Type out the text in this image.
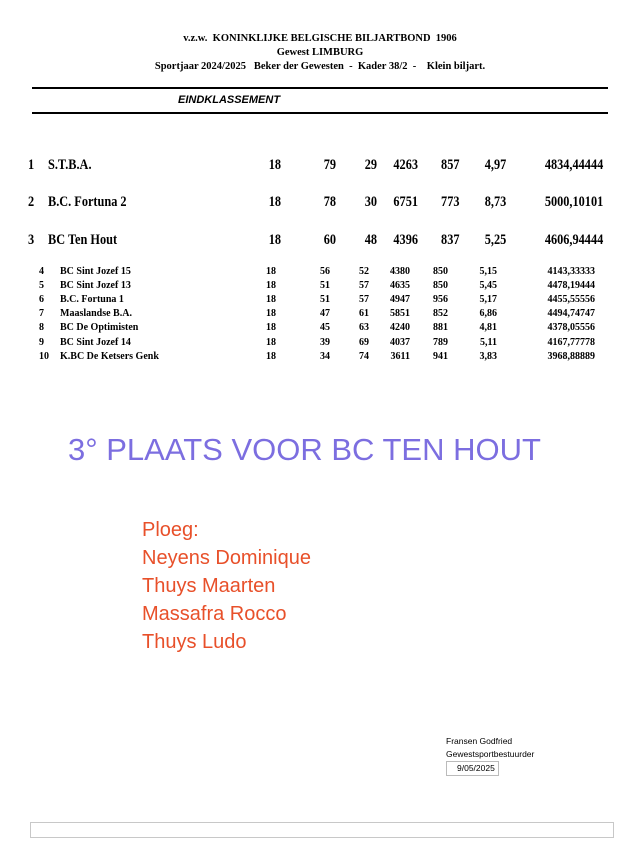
v.z.w.  KONINKLIJKE BELGISCHE BILJARTBOND  1906
Gewest LIMBURG
Sportjaar 2024/2025   Beker der Gewesten  -  Kader 38/2  -    Klein biljart.
EINDKLASSEMENT
1 S.T.B.A.	18	79 29 4263 857 4,97	4834,44444
2 B.C. Fortuna 2	18	78 30 6751 773 8,73	5000,10101
3 BC Ten Hout	18	60 48 4396 837 5,25	4606,94444
4 BC Sint Jozef 15	18	56	52 4380 850	5,15	4143,33333
5 BC Sint Jozef 13	18	51	57 4635 850	5,45	4478,19444
6 B.C. Fortuna 1	18	51	57 4947 956	5,17	4455,55556
7 Maaslandse B.A.	18	47	61 5851 852	6,86	4494,74747
8 BC De Optimisten	18	45	63 4240 881	4,81	4378,05556
9 BC Sint Jozef 14	18	39	69 4037 789	5,11	4167,77778
10 K.BC De Ketsers Genk	18	34	74 3611 941	3,83	3968,88889
3° PLAATS VOOR BC TEN HOUT
Ploeg:
Neyens Dominique
Thuys Maarten
Massafra Rocco
Thuys Ludo
Fransen Godfried
Gewestsportbestuurder
9/05/2025
